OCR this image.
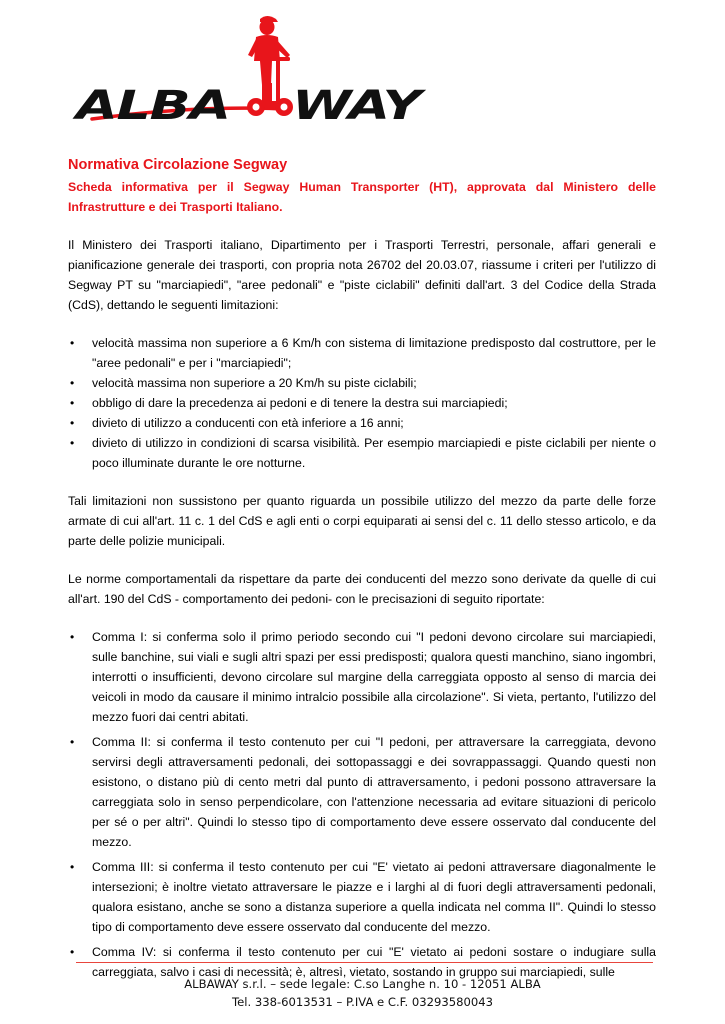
ALBA WAY
Normativa Circolazione Segway

Scheda informativa per il Segway Human Transporter (HT), approvata dal Ministero delle Infrastrutture e dei Trasporti Italiano.

Il Ministero dei Trasporti italiano, Dipartimento per i Trasporti Terrestri, personale, affari generali e pianificazione generale dei trasporti, con propria nota 26702 del 20.03.07, riassume i criteri per l'utilizzo di Segway PT su "marciapiedi", "aree pedonali" e "piste ciclabili" definiti dall'art. 3 del Codice della Strada (CdS), dettando le seguenti limitazioni:

• velocità massima non superiore a 6 Km/h con sistema di limitazione predisposto dal costruttore, per le "aree pedonali" e per i "marciapiedi";
• velocità massima non superiore a 20 Km/h su piste ciclabili;
• obbligo di dare la precedenza ai pedoni e di tenere la destra sui marciapiedi;
• divieto di utilizzo a conducenti con età inferiore a 16 anni;
• divieto di utilizzo in condizioni di scarsa visibilità. Per esempio marciapiedi e piste ciclabili per niente o poco illuminate durante le ore notturne.

Tali limitazioni non sussistono per quanto riguarda un possibile utilizzo del mezzo da parte delle forze armate di cui all'art. 11 c. 1 del CdS e agli enti o corpi equiparati ai sensi del c. 11 dello stesso articolo, e da parte delle polizie municipali.

Le norme comportamentali da rispettare da parte dei conducenti del mezzo sono derivate da quelle di cui all'art. 190 del CdS - comportamento dei pedoni- con le precisazioni di seguito riportate:

• Comma I: si conferma solo il primo periodo secondo cui "I pedoni devono circolare sui marciapiedi, sulle banchine, sui viali e sugli altri spazi per essi predisposti; qualora questi manchino, siano ingombri, interrotti o insufficienti, devono circolare sul margine della carreggiata opposto al senso di marcia dei veicoli in modo da causare il minimo intralcio possibile alla circolazione". Si vieta, pertanto, l'utilizzo del mezzo fuori dai centri abitati.
• Comma II: si conferma il testo contenuto per cui "I pedoni, per attraversare la carreggiata, devono servirsi degli attraversamenti pedonali, dei sottopassaggi e dei sovrappassaggi. Quando questi non esistono, o distano più di cento metri dal punto di attraversamento, i pedoni possono attraversare la carreggiata solo in senso perpendicolare, con l'attenzione necessaria ad evitare situazioni di pericolo per sé o per altri". Quindi lo stesso tipo di comportamento deve essere osservato dal conducente del mezzo.
• Comma III: si conferma il testo contenuto per cui "E' vietato ai pedoni attraversare diagonalmente le intersezioni; è inoltre vietato attraversare le piazze e i larghi al di fuori degli attraversamenti pedonali, qualora esistano, anche se sono a distanza superiore a quella indicata nel comma II". Quindi lo stesso tipo di comportamento deve essere osservato dal conducente del mezzo.
• Comma IV: si conferma il testo contenuto per cui "E' vietato ai pedoni sostare o indugiare sulla carreggiata, salvo i casi di necessità; è, altresì, vietato, sostando in gruppo sui marciapiedi, sulle
ALBAWAY s.r.l. – sede legale: C.so Langhe n. 10 - 12051 ALBA
Tel. 338-6013531 – P.IVA e C.F. 03293580043
